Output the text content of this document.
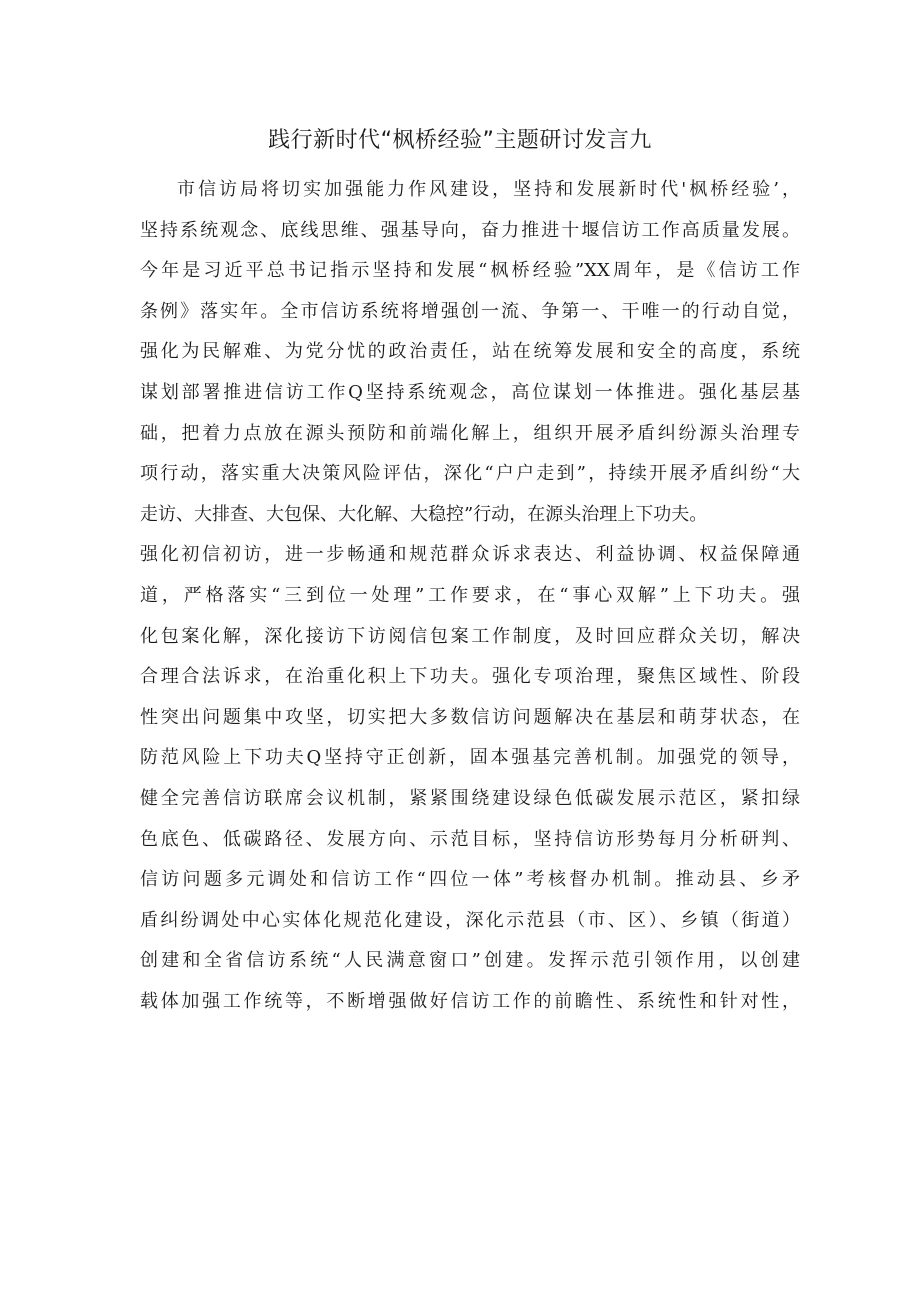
践行新时代“枫桥经验”主题研讨发言九
市信访局将切实加强能力作风建设，坚持和发展新时代'枫桥经验’，
坚持系统观念、底线思维、强基导向，奋力推进十堰信访工作高质量发展。
今年是习近平总书记指示坚持和发展“枫桥经验”XX周年，是《信访工作
条例》落实年。全市信访系统将增强创一流、争第一、干唯一的行动自觉，
强化为民解难、为党分忧的政治责任，站在统筹发展和安全的高度，系统
谋划部署推进信访工作Q坚持系统观念，高位谋划一体推进。强化基层基
础，把着力点放在源头预防和前端化解上，组织开展矛盾纠纷源头治理专
项行动，落实重大决策风险评估，深化“户户走到”，持续开展矛盾纠纷“大
走访、大排查、大包保、大化解、大稳控”行动，在源头治理上下功夫。
强化初信初访，进一步畅通和规范群众诉求表达、利益协调、权益保障通
道，严格落实“三到位一处理”工作要求，在“事心双解”上下功夫。强
化包案化解，深化接访下访阅信包案工作制度，及时回应群众关切，解决
合理合法诉求，在治重化积上下功夫。强化专项治理，聚焦区域性、阶段
性突出问题集中攻坚，切实把大多数信访问题解决在基层和萌芽状态，在
防范风险上下功夫Q坚持守正创新，固本强基完善机制。加强党的领导，
健全完善信访联席会议机制，紧紧围绕建设绿色低碳发展示范区，紧扣绿
色底色、低碳路径、发展方向、示范目标，坚持信访形势每月分析研判、
信访问题多元调处和信访工作“四位一体”考核督办机制。推动县、乡矛
盾纠纷调处中心实体化规范化建设，深化示范县（市、区）、乡镇（街道）
创建和全省信访系统“人民满意窗口”创建。发挥示范引领作用，以创建
载体加强工作统等，不断增强做好信访工作的前瞻性、系统性和针对性，
